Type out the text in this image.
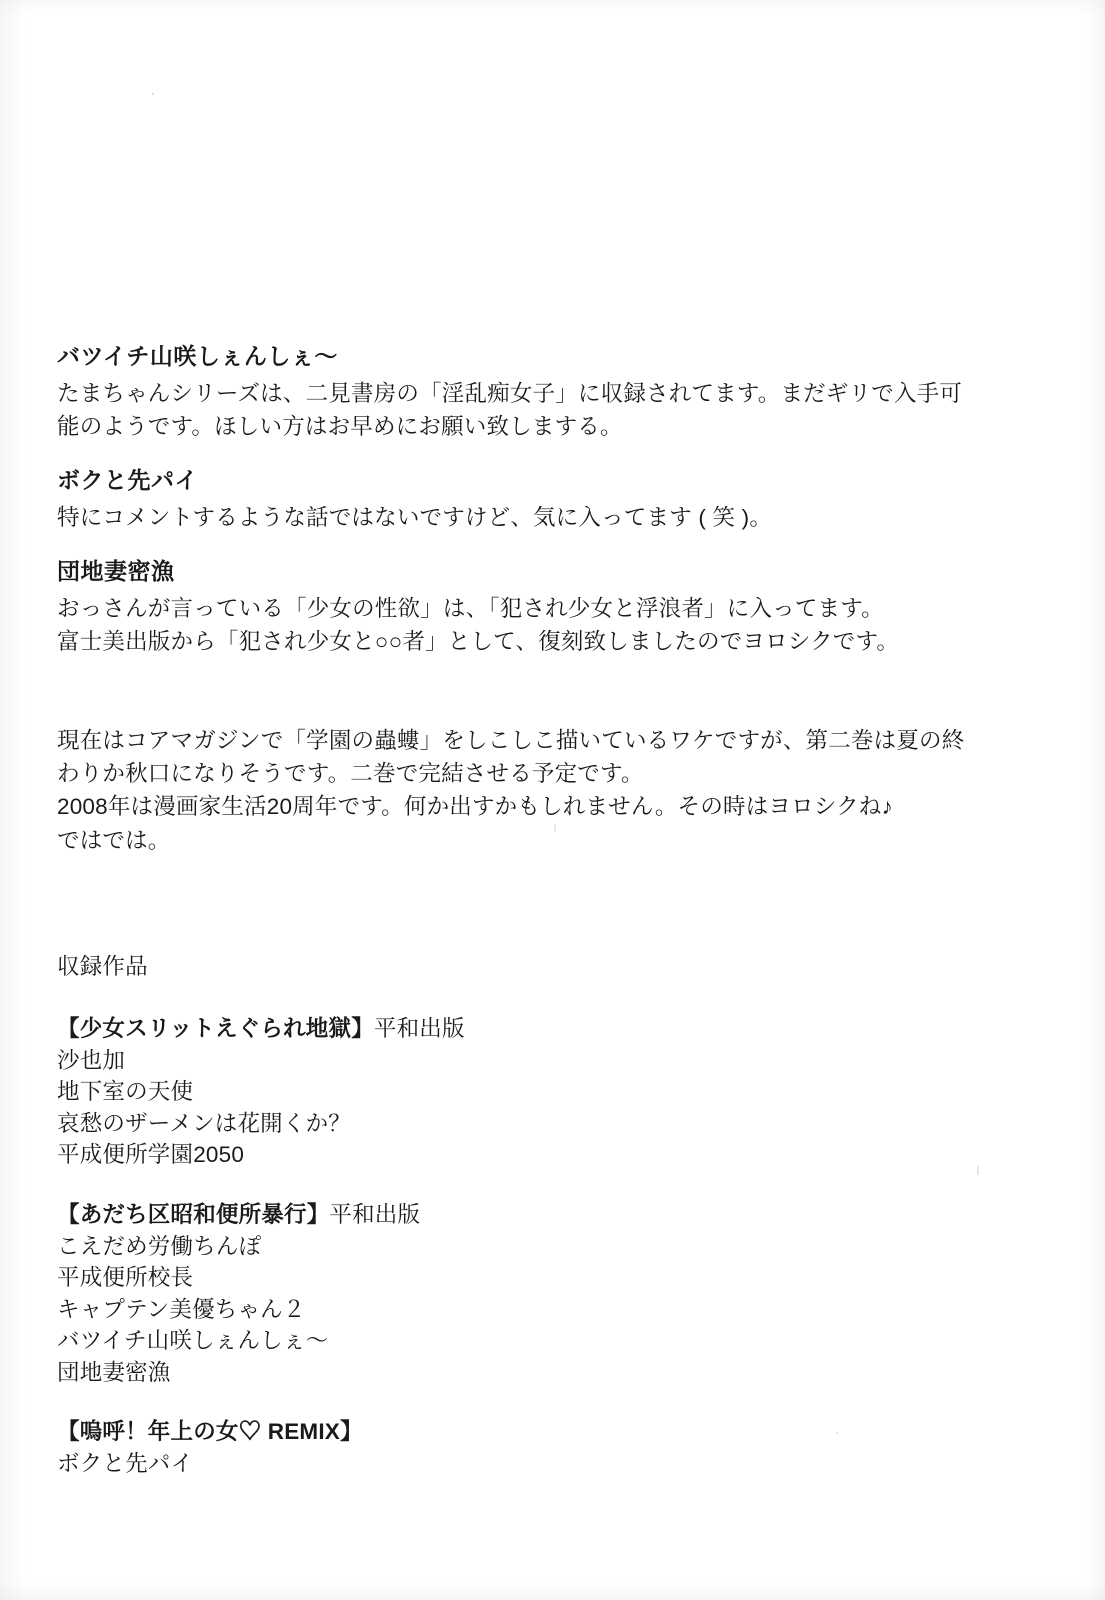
バツイチ山咲しぇんしぇ～

たまちゃんシリーズは、二見書房の「淫乱痴女子」に収録されてます。まだギリで入手可

能のようです。ほしい方はお早めにお願い致しまする。

ボクと先パイ

特にコメントするような話ではないですけど、気に入ってます ( 笑 )。

団地妻密漁

おっさんが言っている「少女の性欲」は、「犯され少女と浮浪者」に入ってます。

富士美出版から「犯され少女と○○者」として、復刻致しましたのでヨロシクです。

現在はコアマガジンで「学園の蟲螻」をしこしこ描いているワケですが、第二巻は夏の終

わりか秋口になりそうです。二巻で完結させる予定です。

2008年は漫画家生活20周年です。何か出すかもしれません。その時はヨロシクね♪

ではでは。

収録作品

【少女スリットえぐられ地獄】平和出版

沙也加

地下室の天使

哀愁のザーメンは花開くか？

平成便所学園2050

【あだち区昭和便所暴行】平和出版

こえだめ労働ちんぽ

平成便所校長

キャプテン美優ちゃん２

バツイチ山咲しぇんしぇ～

団地妻密漁

【嗚呼！年上の女♡ REMIX】

ボクと先パイ
